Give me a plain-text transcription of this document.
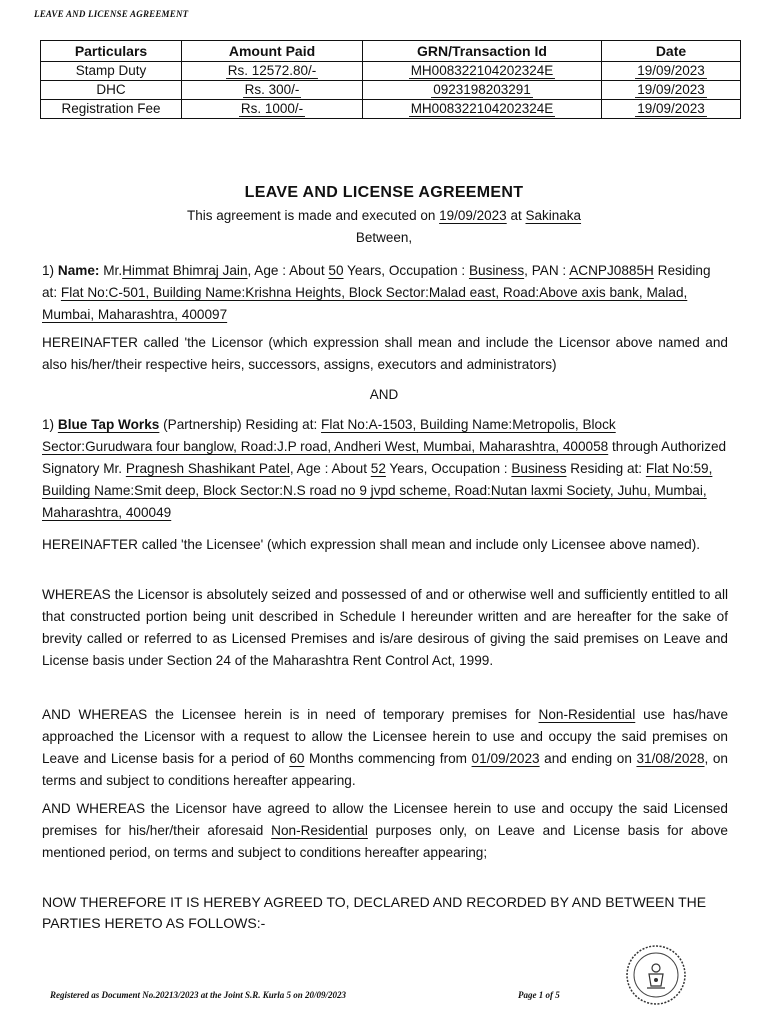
LEAVE AND LICENSE AGREEMENT
Particulars	Amount Paid	GRN/Transaction Id	Date
Stamp Duty	Rs. 12572.80/-	MH008322104202324E	19/09/2023
DHC	Rs. 300/-	0923198203291	19/09/2023
Registration Fee	Rs. 1000/-	MH008322104202324E	19/09/2023
LEAVE AND LICENSE AGREEMENT
This agreement is made and executed on 19/09/2023 at Sakinaka
Between,
1) Name: Mr.Himmat Bhimraj Jain, Age : About 50 Years, Occupation : Business, PAN : ACNPJ0885H Residing at: Flat No:C-501, Building Name:Krishna Heights, Block Sector:Malad east, Road:Above axis bank, Malad, Mumbai, Maharashtra, 400097
HEREINAFTER called 'the Licensor (which expression shall mean and include the Licensor above named and also his/her/their respective heirs, successors, assigns, executors and administrators)
AND
1) Blue Tap Works (Partnership) Residing at: Flat No:A-1503, Building Name:Metropolis, Block Sector:Gurudwara four banglow, Road:J.P road, Andheri West, Mumbai, Maharashtra, 400058 through Authorized Signatory Mr. Pragnesh Shashikant Patel, Age : About 52 Years, Occupation : Business Residing at: Flat No:59, Building Name:Smit deep, Block Sector:N.S road no 9 jvpd scheme, Road:Nutan laxmi Society, Juhu, Mumbai, Maharashtra, 400049
HEREINAFTER called 'the Licensee' (which expression shall mean and include only Licensee above named).
WHEREAS the Licensor is absolutely seized and possessed of and or otherwise well and sufficiently entitled to all that constructed portion being unit described in Schedule I hereunder written and are hereafter for the sake of brevity called or referred to as Licensed Premises and is/are desirous of giving the said premises on Leave and License basis under Section 24 of the Maharashtra Rent Control Act, 1999.
AND WHEREAS the Licensee herein is in need of temporary premises for Non-Residential use has/have approached the Licensor with a request to allow the Licensee herein to use and occupy the said premises on Leave and License basis for a period of 60 Months commencing from 01/09/2023 and ending on 31/08/2028, on terms and subject to conditions hereafter appearing.
AND WHEREAS the Licensor have agreed to allow the Licensee herein to use and occupy the said Licensed premises for his/her/their aforesaid Non-Residential purposes only, on Leave and License basis for above mentioned period, on terms and subject to conditions hereafter appearing;
NOW THEREFORE IT IS HEREBY AGREED TO, DECLARED AND RECORDED BY AND BETWEEN THE PARTIES HERETO AS FOLLOWS:-
Registered as Document No.20213/2023 at the Joint S.R. Kurla 5 on 20/09/2023	Page 1 of 5
